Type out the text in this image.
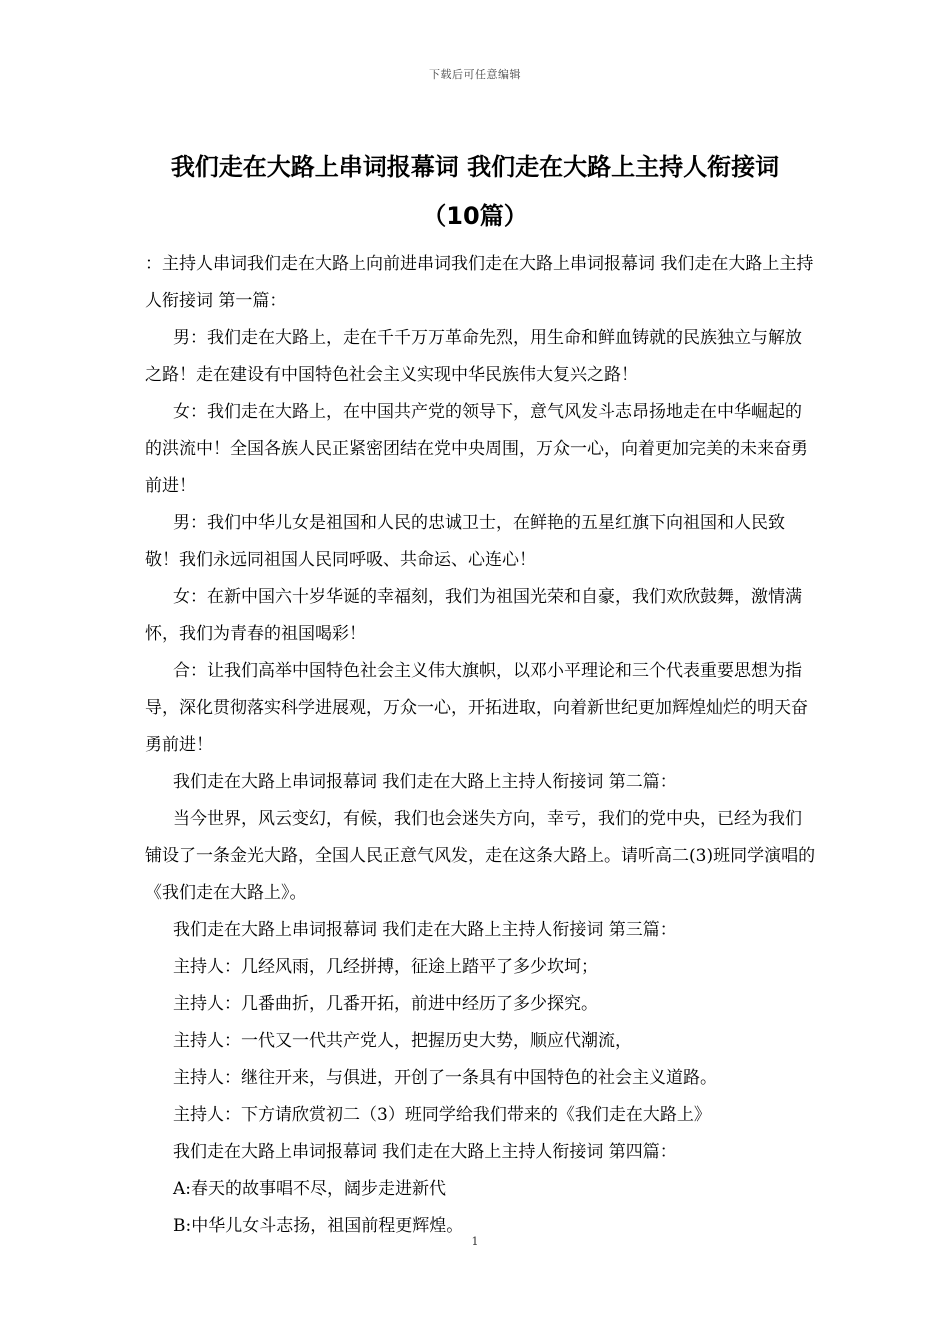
下载后可任意编辑
我们走在大路上串词报幕词 我们走在大路上主持人衔接词
（10篇）

：主持人串词我们走在大路上向前进串词我们走在大路上串词报幕词 我们走在大路上主持人衔接词 第一篇：

男：我们走在大路上，走在千千万万革命先烈，用生命和鲜血铸就的民族独立与解放之路！走在建设有中国特色社会主义实现中华民族伟大复兴之路！

女：我们走在大路上，在中国共产党的领导下，意气风发斗志昂扬地走在中华崛起的的洪流中！全国各族人民正紧密团结在党中央周围，万众一心，向着更加完美的未来奋勇前进！

男：我们中华儿女是祖国和人民的忠诚卫士，在鲜艳的五星红旗下向祖国和人民致敬！我们永远同祖国人民同呼吸、共命运、心连心！

女：在新中国六十岁华诞的幸福刻，我们为祖国光荣和自豪，我们欢欣鼓舞，激情满怀，我们为青春的祖国喝彩！

合：让我们高举中国特色社会主义伟大旗帜，以邓小平理论和三个代表重要思想为指导，深化贯彻落实科学进展观，万众一心，开拓进取，向着新世纪更加辉煌灿烂的明天奋勇前进！

我们走在大路上串词报幕词 我们走在大路上主持人衔接词 第二篇：

当今世界，风云变幻，有候，我们也会迷失方向，幸亏，我们的党中央，已经为我们铺设了一条金光大路，全国人民正意气风发，走在这条大路上。请听高二(3)班同学演唱的《我们走在大路上》。

我们走在大路上串词报幕词 我们走在大路上主持人衔接词 第三篇：

主持人：几经风雨，几经拼搏，征途上踏平了多少坎坷；

主持人：几番曲折，几番开拓，前进中经历了多少探究。

主持人：一代又一代共产党人，把握历史大势，顺应代潮流，

主持人：继往开来，与俱进，开创了一条具有中国特色的社会主义道路。

主持人：下方请欣赏初二（3）班同学给我们带来的《我们走在大路上》

我们走在大路上串词报幕词 我们走在大路上主持人衔接词 第四篇：

A:春天的故事唱不尽，阔步走进新代

B:中华儿女斗志扬，祖国前程更辉煌。

1
